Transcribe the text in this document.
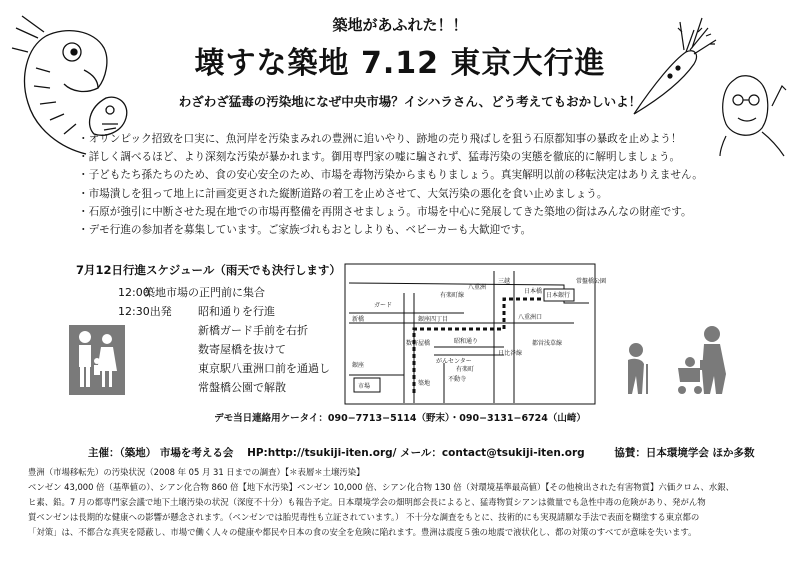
築地があふれた！！
壊すな築地 7.12 東京大行進
わざわざ猛毒の汚染地になぜ中央市場？イシハラさん、どう考えてもおかしいよ！
・オリンピック招致を口実に、魚河岸を汚染まみれの豊洲に追いやり、跡地の売り飛ばしを狙う石原都知事の暴政を止めよう！
・詳しく調べるほど、より深刻な汚染が暴かれます。御用専門家の嘘に騙されず、猛毒汚染の実態を徹底的に解明しましょう。
・子どもたち孫たちのため、食の安心安全のため、市場を毒物汚染からまもりましょう。真実解明以前の移転決定はありえません。
・市場潰しを狙って地上に計画変更された縦断道路の着工を止めさせて、大気汚染の悪化を食い止めましょう。
・石原が強引に中断させた現在地での市場再整備を再開させましょう。市場を中心に発展してきた築地の街はみんなの財産です。
・デモ行進の参加者を募集しています。ご家族づれもおとしよりも、ベビーカーも大歓迎です。
7月12日行進スケジュール（雨天でも決行します）
12:00築地市場の正門前に集合
12:30出発 昭和通りを行進
新橋ガード手前を右折
数寄屋橋を抜けて
東京駅八重洲口前を通過し
常盤橋公園で解散
常盤橋公園
日本銀行
日本橋
三越
有楽町線
八重洲
八重洲口
昭和通り
ガード
銀座四丁目
新橋
数寄屋橋
がんセンター
市場	築地
不動寺
日比谷線
都営浅草線
有楽町
銀座
デモ当日連絡用ケータイ：090−7713−5114（野末）・090−3131−6724（山崎）
主催：（築地） 市場を考える会 HP:http://tsukiji-iten.org/ メール：contact@tsukiji-iten.org	協賛：日本環境学会 ほか多数
豊洲（市場移転先）の汚染状況（2008 年 05 月 31 日までの調査）【＊表層＊土壌汚染】
ベンゼン 43,000 倍（基準値の）、シアン化合物 860 倍【地下水汚染】ベンゼン 10,000 倍、シアン化合物 130 倍（対環境基準最高値）【その他検出された有害物質】六価クロム、水銀、
ヒ素、鉛。7 月の都専門家会議で地下土壌汚染の状況（深度不十分）も報告予定。日本環境学会の畑明郎会長によると、猛毒物質シアンは微量でも急性中毒の危険があり、発がん物
質ベンゼンは長期的な健康への影響が懸念されます。（ベンゼンでは胎児毒性も立証されています。） 不十分な調査をもとに、技術的にも実現請願な手法で表面を糊塗する東京都の
「対策」は、不都合な真実を隠蔽し、市場で働く人々の健康や都民や日本の食の安全を危険に陥れます。豊洲は震度５強の地震で液状化し、都の対策のすべてが意味を失います。
